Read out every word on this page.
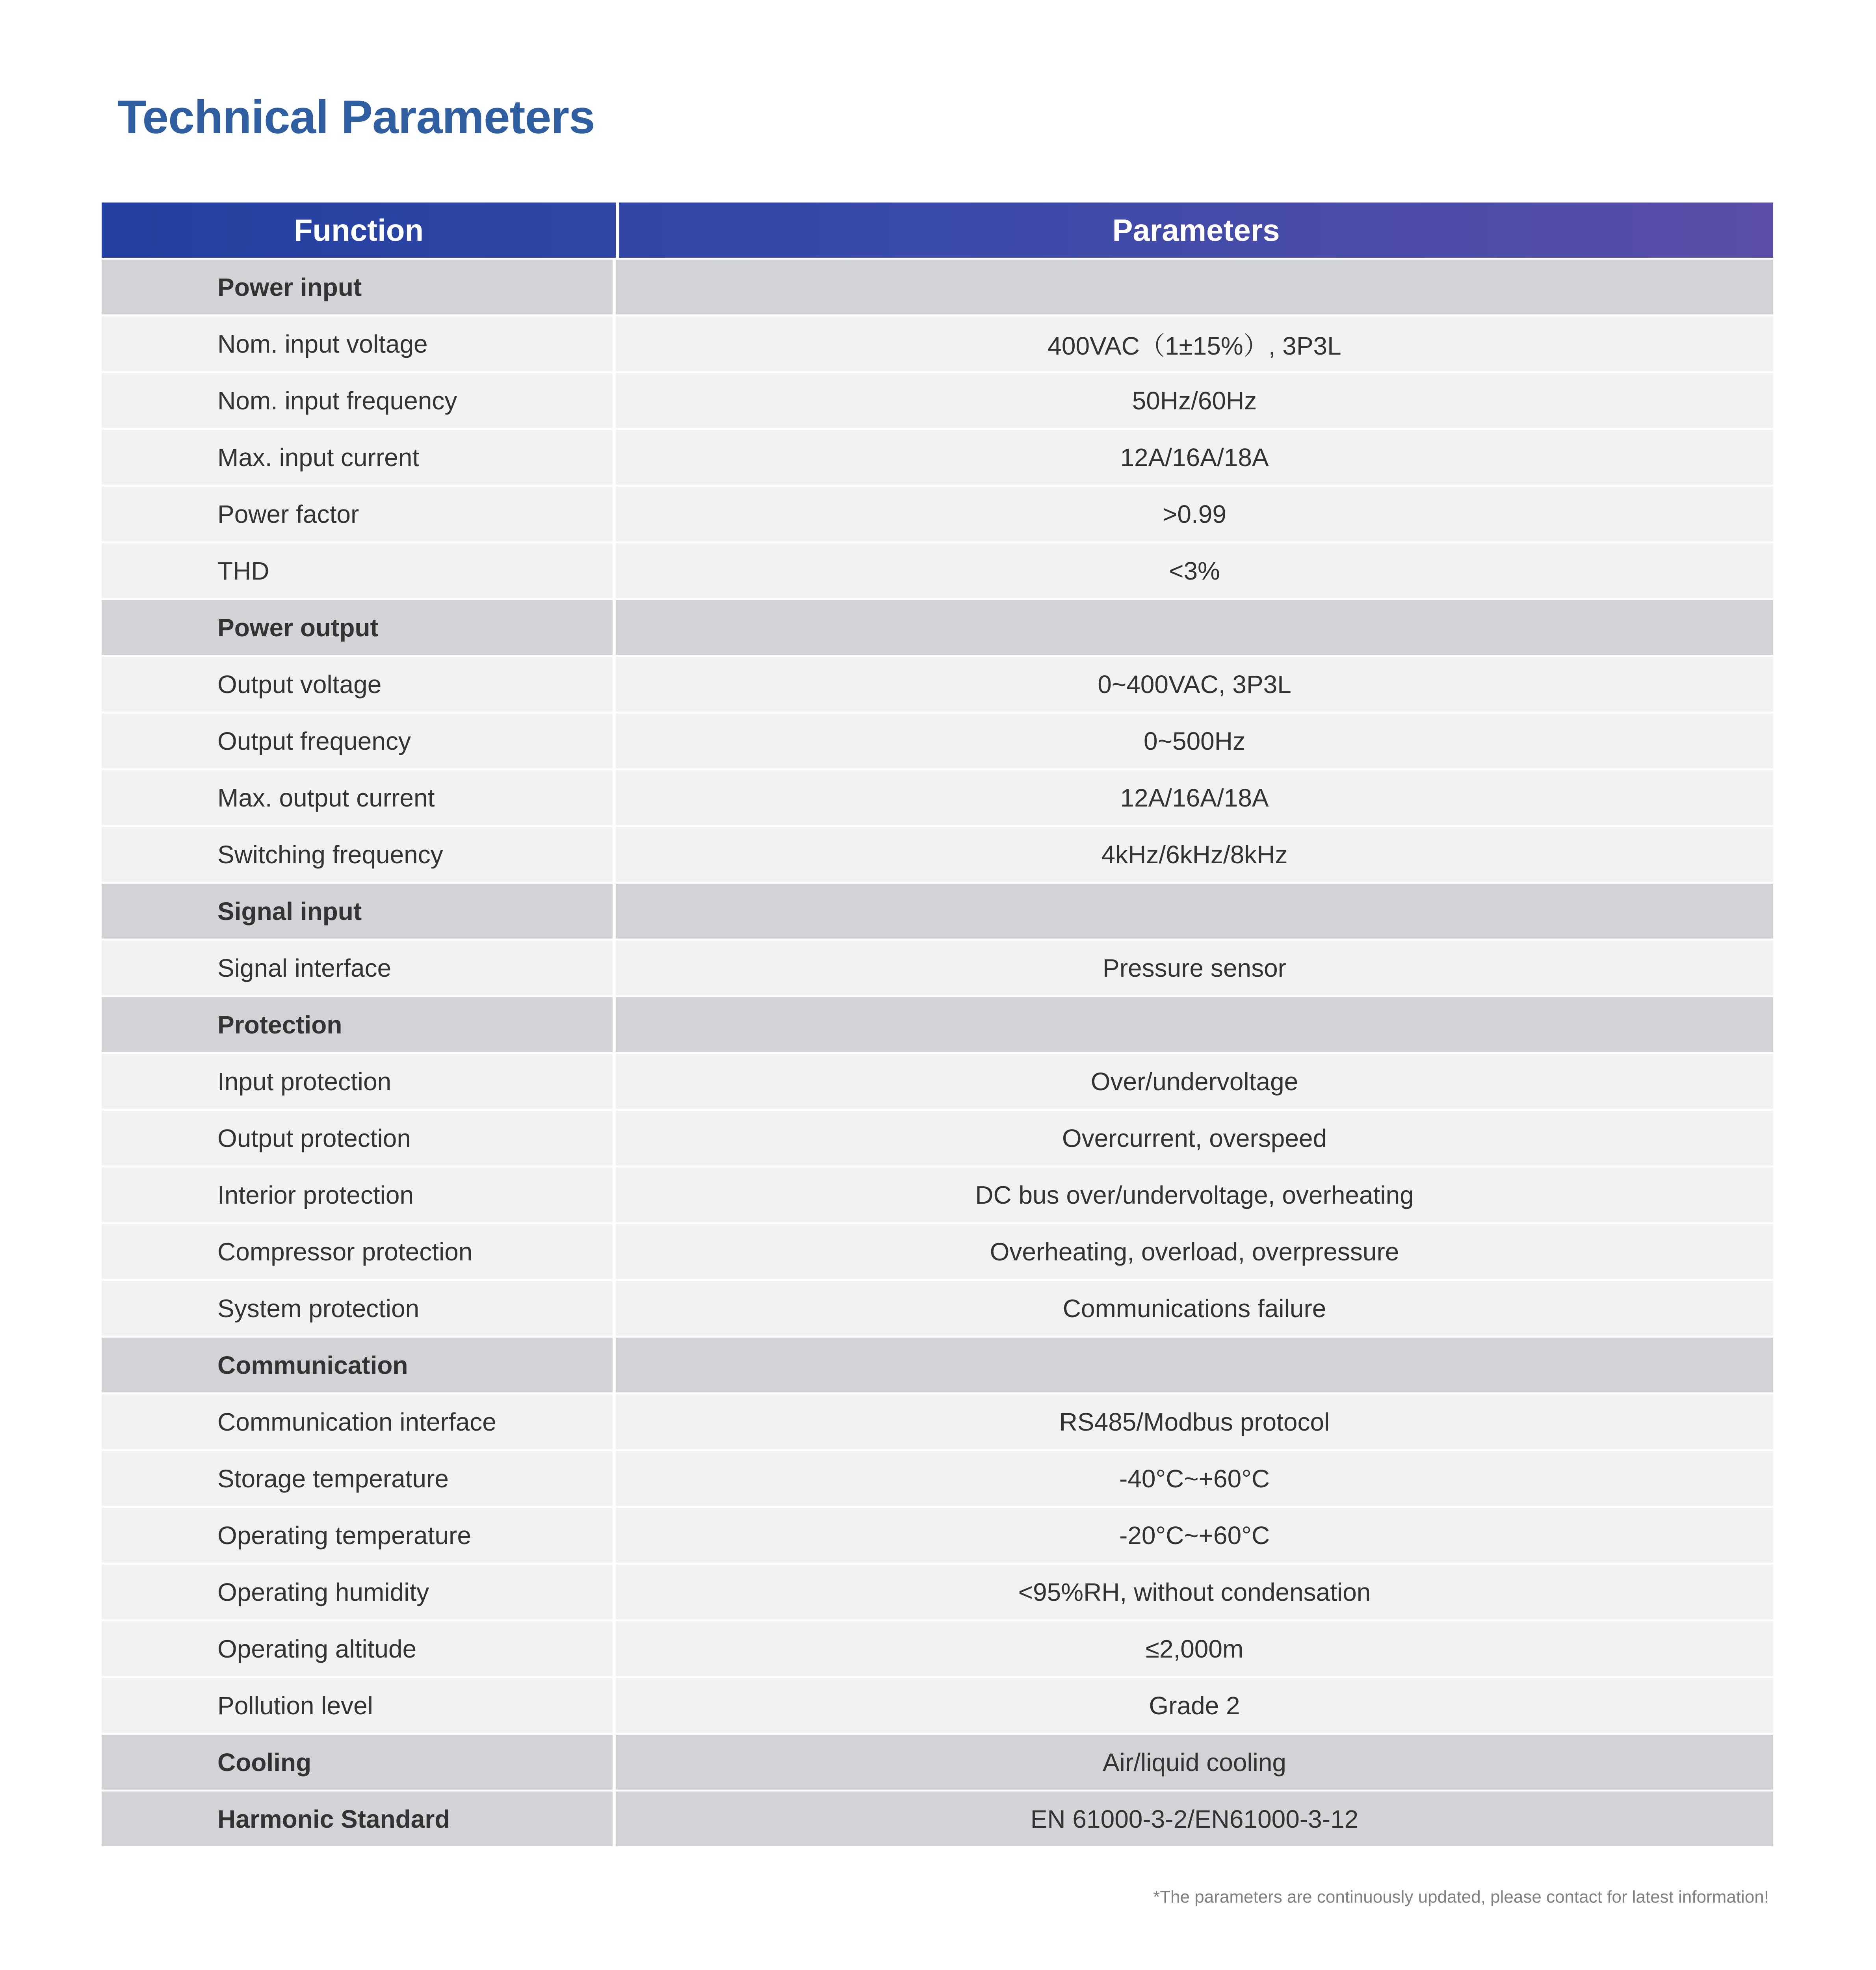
Technical Parameters
Function	Parameters
Power input
Nom. input voltage	400VAC（1±15%）, 3P3L
Nom. input frequency	50Hz/60Hz
Max. input current	12A/16A/18A
Power factor	>0.99
THD	<3%
Power output
Output voltage	0~400VAC, 3P3L
Output frequency	0~500Hz
Max. output current	12A/16A/18A
Switching frequency	4kHz/6kHz/8kHz
Signal input
Signal interface	Pressure sensor
Protection
Input protection	Over/undervoltage
Output protection	Overcurrent, overspeed
Interior protection	DC bus over/undervoltage, overheating
Compressor protection	Overheating, overload, overpressure
System protection	Communications failure
Communication
Communication interface	RS485/Modbus protocol
Storage temperature	-40°C~+60°C
Operating temperature	-20°C~+60°C
Operating humidity	<95%RH, without condensation
Operating altitude	≤2,000m
Pollution level	Grade 2
Cooling	Air/liquid cooling
Harmonic Standard	EN 61000-3-2/EN61000-3-12
*The parameters are continuously updated, please contact for latest information!
